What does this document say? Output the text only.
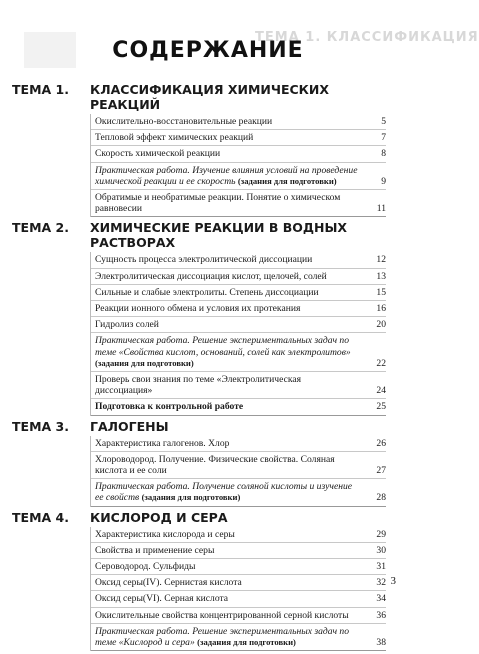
ТЕМА 1. КЛАССИФИКАЦИЯ
СОДЕРЖАНИЕ
ТЕМА 1. КЛАССИФИКАЦИЯ ХИМИЧЕСКИХ РЕАКЦИЙ
Окислительно-восстановительные реакции	5
Тепловой эффект химических реакций	7
Скорость химической реакции	8
Практическая работа. Изучение влияния условий на проведение химической реакции и ее скорость (задания для подготовки)	9
Обратимые и необратимые реакции. Понятие о химическом равновесии	11
ТЕМА 2. ХИМИЧЕСКИЕ РЕАКЦИИ В ВОДНЫХ РАСТВОРАХ
Сущность процесса электролитической диссоциации	12
Электролитическая диссоциация кислот, щелочей, солей	13
Сильные и слабые электролиты. Степень диссоциации	15
Реакции ионного обмена и условия их протекания	16
Гидролиз солей	20
Практическая работа. Решение экспериментальных задач по теме «Свойства кислот, оснований, солей как электролитов» (задания для подготовки)	22
Проверь свои знания по теме «Электролитическая диссоциация»	24
Подготовка к контрольной работе	25
ТЕМА 3. ГАЛОГЕНЫ
Характеристика галогенов. Хлор	26
Хлороводород. Получение. Физические свойства. Соляная кислота и ее соли	27
Практическая работа. Получение соляной кислоты и изучение ее свойств (задания для подготовки)	28
ТЕМА 4. КИСЛОРОД И СЕРА
Характеристика кислорода и серы	29
Свойства и применение серы	30
Сероводород. Сульфиды	31
Оксид серы(IV). Сернистая кислота	32
Оксид серы(VI). Серная кислота	34
Окислительные свойства концентрированной серной кислоты	36
Практическая работа. Решение экспериментальных задач по теме «Кислород и сера» (задания для подготовки)	38
3
